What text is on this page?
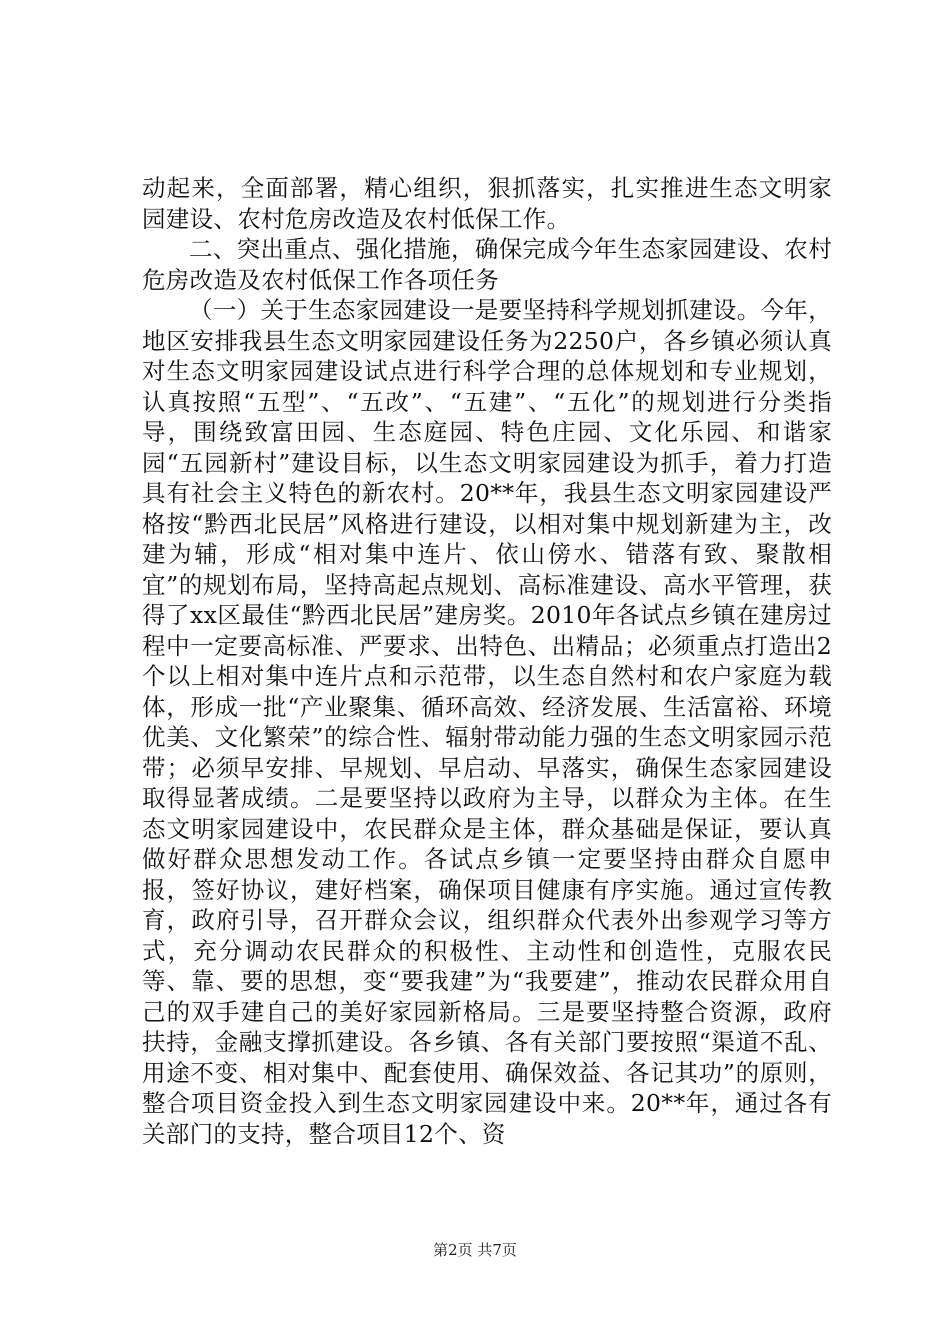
动起来，全面部署，精心组织，狠抓落实，扎实推进生态文明家园建设、农村危房改造及农村低保工作。

二、突出重点、强化措施，确保完成今年生态家园建设、农村危房改造及农村低保工作各项任务

（一）关于生态家园建设一是要坚持科学规划抓建设。今年，地区安排我县生态文明家园建设任务为2250户，各乡镇必须认真对生态文明家园建设试点进行科学合理的总体规划和专业规划，认真按照“五型”、“五改”、“五建”、“五化”的规划进行分类指导，围绕致富田园、生态庭园、特色庄园、文化乐园、和谐家园“五园新村”建设目标，以生态文明家园建设为抓手，着力打造具有社会主义特色的新农村。20**年，我县生态文明家园建设严格按“黔西北民居”风格进行建设，以相对集中规划新建为主，改建为辅，形成“相对集中连片、依山傍水、错落有致、聚散相宜”的规划布局，坚持高起点规划、高标准建设、高水平管理，获得了xx区最佳“黔西北民居”建房奖。2010年各试点乡镇在建房过程中一定要高标准、严要求、出特色、出精品；必须重点打造出2个以上相对集中连片点和示范带，以生态自然村和农户家庭为载体，形成一批“产业聚集、循环高效、经济发展、生活富裕、环境优美、文化繁荣”的综合性、辐射带动能力强的生态文明家园示范带；必须早安排、早规划、早启动、早落实，确保生态家园建设取得显著成绩。二是要坚持以政府为主导，以群众为主体。在生态文明家园建设中，农民群众是主体，群众基础是保证，要认真做好群众思想发动工作。各试点乡镇一定要坚持由群众自愿申报，签好协议，建好档案，确保项目健康有序实施。通过宣传教育，政府引导，召开群众会议，组织群众代表外出参观学习等方式，充分调动农民群众的积极性、主动性和创造性，克服农民等、靠、要的思想，变“要我建”为“我要建”，推动农民群众用自己的双手建自己的美好家园新格局。三是要坚持整合资源，政府扶持，金融支撑抓建设。各乡镇、各有关部门要按照“渠道不乱、用途不变、相对集中、配套使用、确保效益、各记其功”的原则，整合项目资金投入到生态文明家园建设中来。20**年，通过各有关部门的支持，整合项目12个、资

第2页 共7页
